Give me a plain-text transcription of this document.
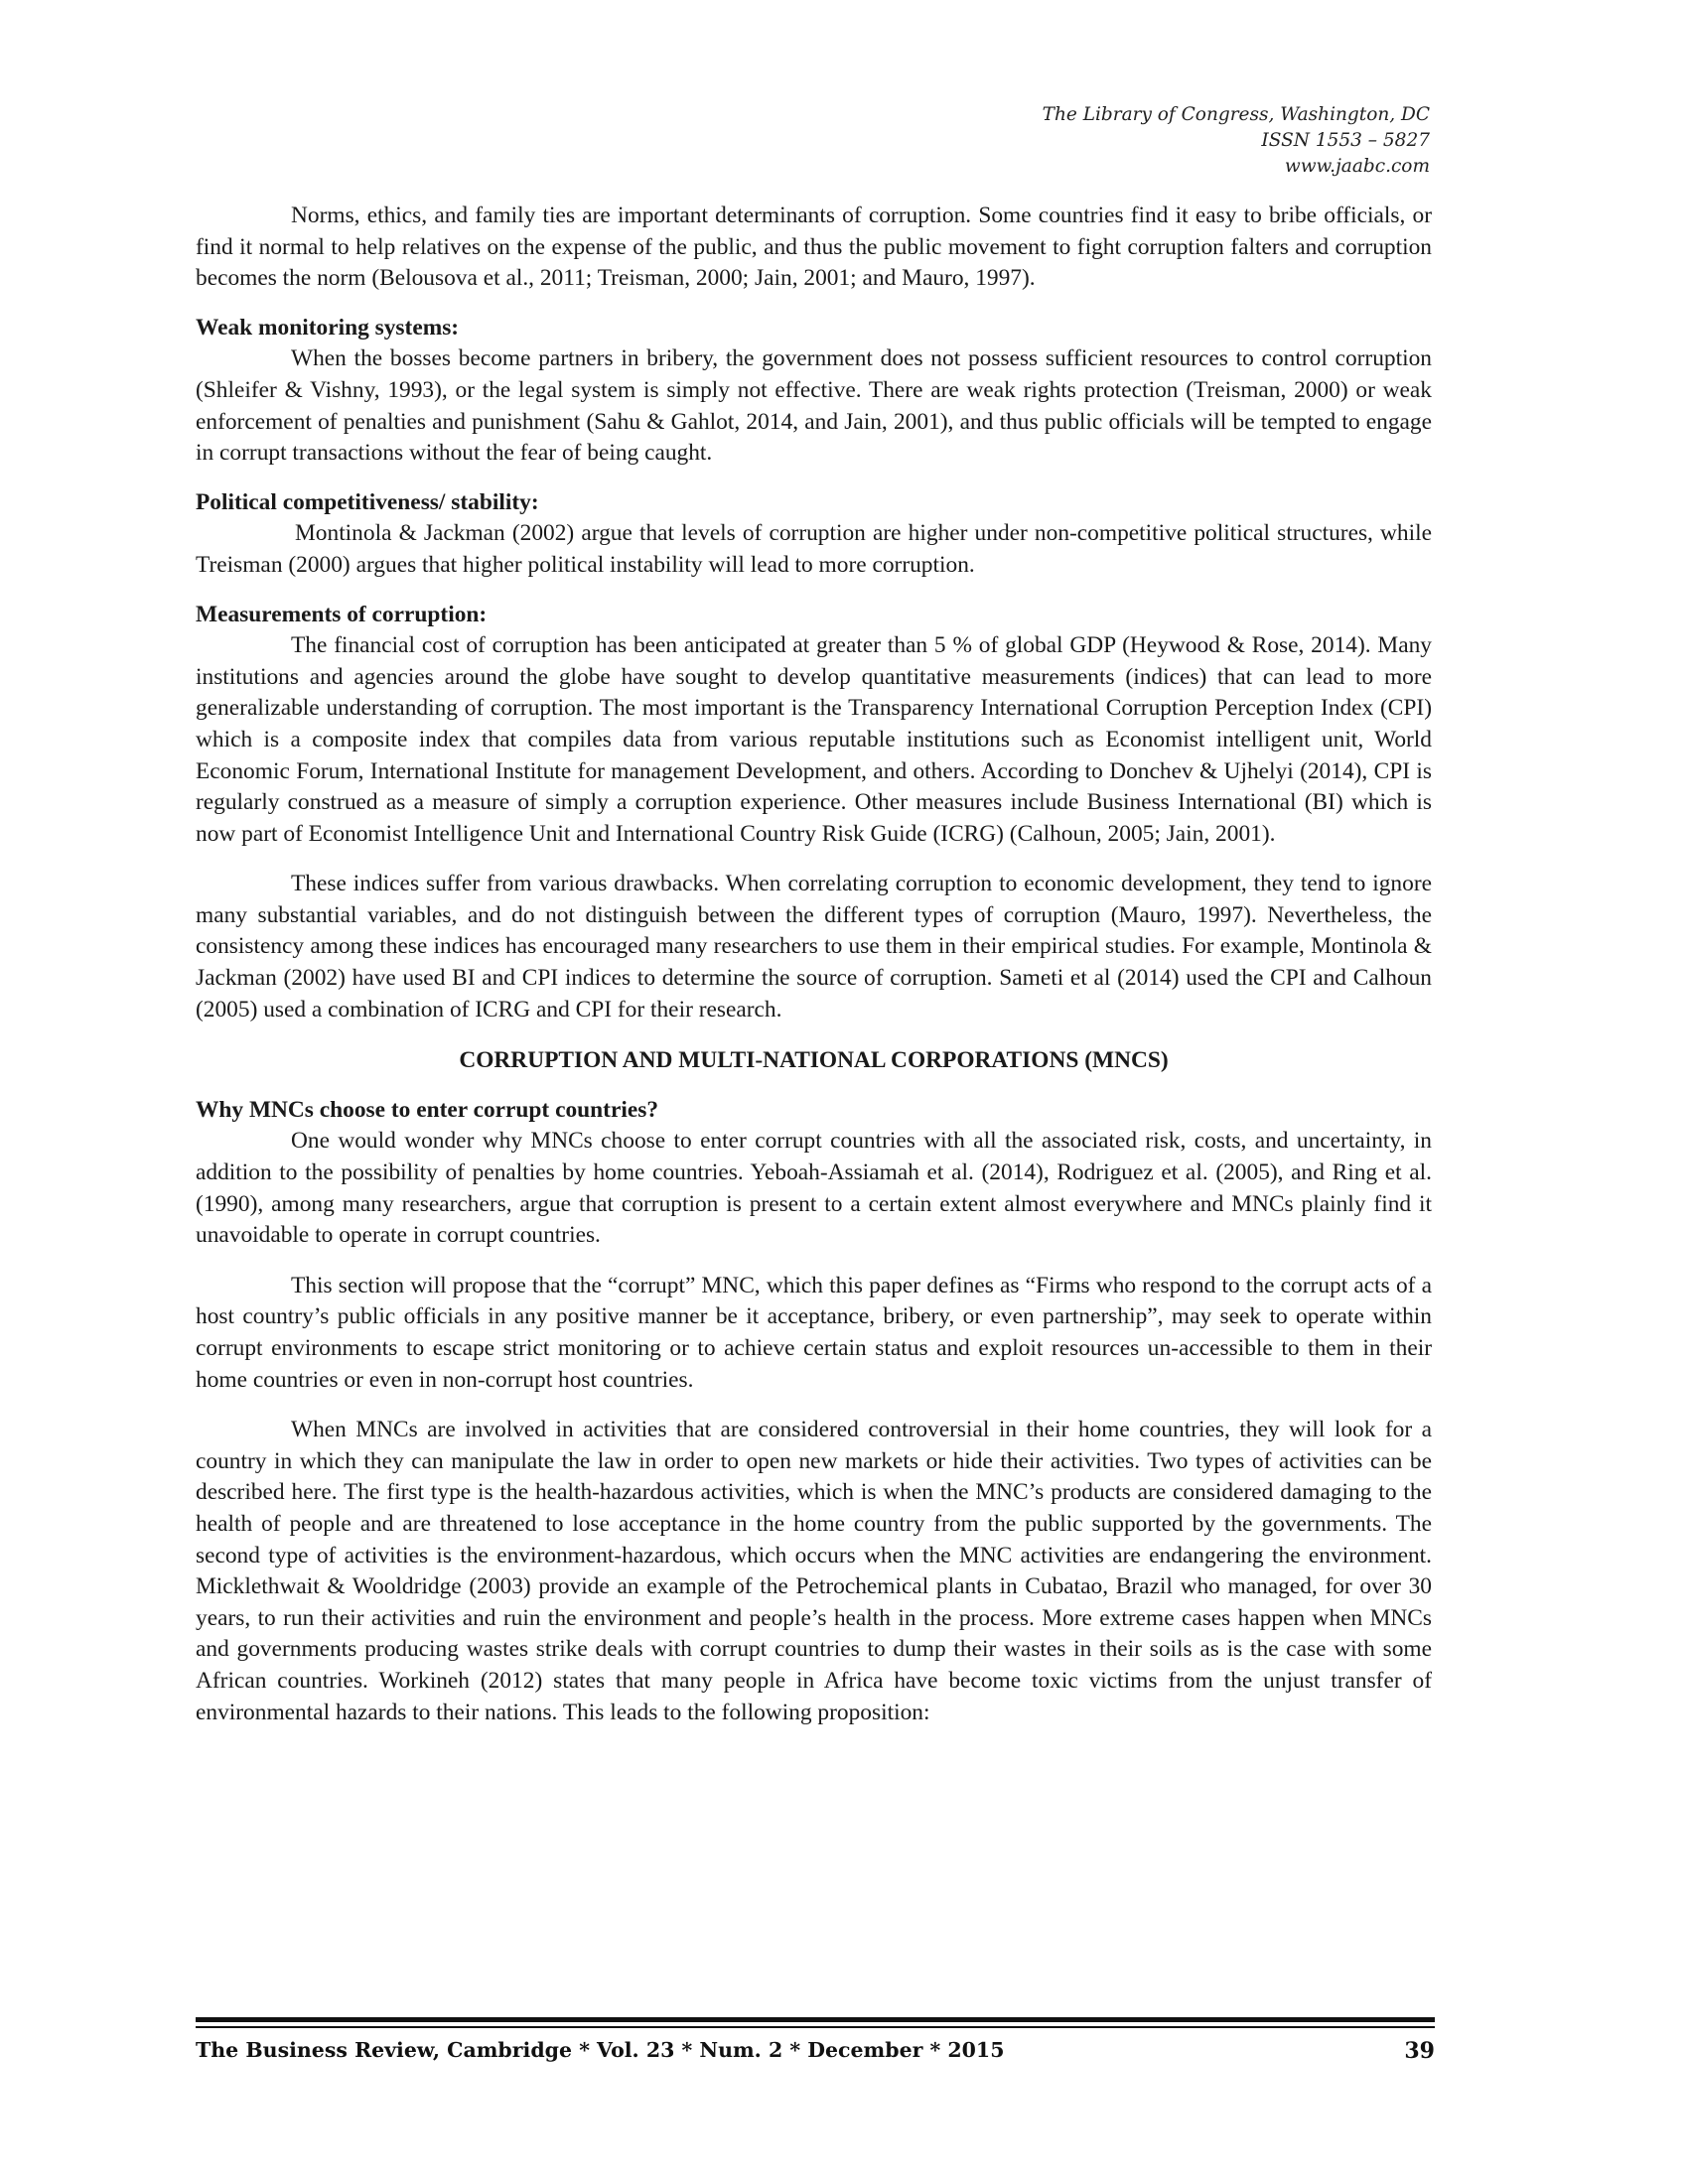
The Library of Congress, Washington, DC
ISSN 1553 – 5827
www.jaabc.com

Norms, ethics, and family ties are important determinants of corruption. Some countries find it easy to bribe officials, or find it normal to help relatives on the expense of the public, and thus the public movement to fight corruption falters and corruption becomes the norm (Belousova et al., 2011; Treisman, 2000; Jain, 2001; and Mauro, 1997).

Weak monitoring systems:

When the bosses become partners in bribery, the government does not possess sufficient resources to control corruption (Shleifer & Vishny, 1993), or the legal system is simply not effective. There are weak rights protection (Treisman, 2000) or weak enforcement of penalties and punishment (Sahu & Gahlot, 2014, and Jain, 2001), and thus public officials will be tempted to engage in corrupt transactions without the fear of being caught.

Political competitiveness/ stability:

Montinola & Jackman (2002) argue that levels of corruption are higher under non-competitive political structures, while Treisman (2000) argues that higher political instability will lead to more corruption.

Measurements of corruption:

The financial cost of corruption has been anticipated at greater than 5 % of global GDP (Heywood & Rose, 2014). Many institutions and agencies around the globe have sought to develop quantitative measurements (indices) that can lead to more generalizable understanding of corruption. The most important is the Transparency International Corruption Perception Index (CPI) which is a composite index that compiles data from various reputable institutions such as Economist intelligent unit, World Economic Forum, International Institute for management Development, and others. According to Donchev & Ujhelyi (2014), CPI is regularly construed as a measure of simply a corruption experience. Other measures include Business International (BI) which is now part of Economist Intelligence Unit and International Country Risk Guide (ICRG) (Calhoun, 2005; Jain, 2001).

These indices suffer from various drawbacks. When correlating corruption to economic development, they tend to ignore many substantial variables, and do not distinguish between the different types of corruption (Mauro, 1997). Nevertheless, the consistency among these indices has encouraged many researchers to use them in their empirical studies. For example, Montinola & Jackman (2002) have used BI and CPI indices to determine the source of corruption. Sameti et al (2014) used the CPI and Calhoun (2005) used a combination of ICRG and CPI for their research.

CORRUPTION AND MULTI-NATIONAL CORPORATIONS (MNCS)
Why MNCs choose to enter corrupt countries?

One would wonder why MNCs choose to enter corrupt countries with all the associated risk, costs, and uncertainty, in addition to the possibility of penalties by home countries. Yeboah-Assiamah et al. (2014), Rodriguez et al. (2005), and Ring et al. (1990), among many researchers, argue that corruption is present to a certain extent almost everywhere and MNCs plainly find it unavoidable to operate in corrupt countries.

This section will propose that the “corrupt” MNC, which this paper defines as “Firms who respond to the corrupt acts of a host country’s public officials in any positive manner be it acceptance, bribery, or even partnership”, may seek to operate within corrupt environments to escape strict monitoring or to achieve certain status and exploit resources un-accessible to them in their home countries or even in non-corrupt host countries.

When MNCs are involved in activities that are considered controversial in their home countries, they will look for a country in which they can manipulate the law in order to open new markets or hide their activities. Two types of activities can be described here. The first type is the health-hazardous activities, which is when the MNC’s products are considered damaging to the health of people and are threatened to lose acceptance in the home country from the public supported by the governments. The second type of activities is the environment-hazardous, which occurs when the MNC activities are endangering the environment. Micklethwait & Wooldridge (2003) provide an example of the Petrochemical plants in Cubatao, Brazil who managed, for over 30 years, to run their activities and ruin the environment and people’s health in the process. More extreme cases happen when MNCs and governments producing wastes strike deals with corrupt countries to dump their wastes in their soils as is the case with some African countries. Workineh (2012) states that many people in Africa have become toxic victims from the unjust transfer of environmental hazards to their nations. This leads to the following proposition:

The Business Review, Cambridge * Vol. 23 * Num. 2 * December * 2015	39
